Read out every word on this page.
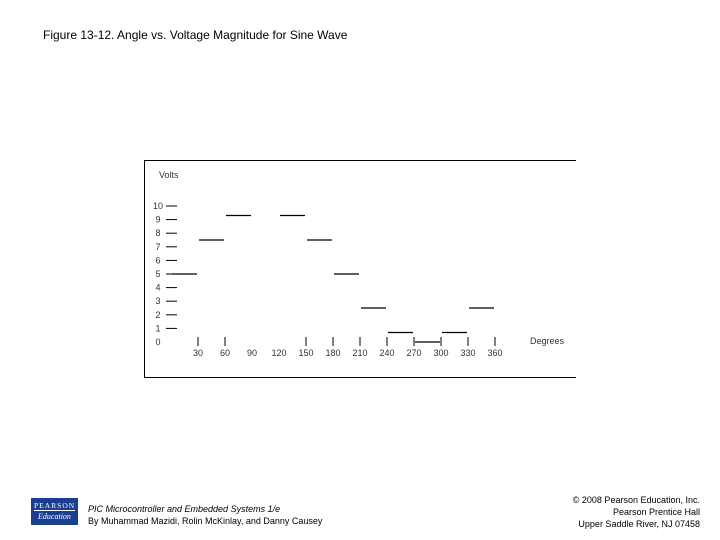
Figure 13-12. Angle vs. Voltage Magnitude for Sine Wave
Volts
Degrees
0
1
2
3
4
5
6
7
8
9
10
30 60 90 120 150 180 210 240 270 300 330 360
PEARSON
Education
PIC Microcontroller and Embedded Systems 1/e
By Muhammad Mazidi, Rolin McKinlay, and Danny Causey
© 2008 Pearson Education, Inc.
Pearson Prentice Hall
Upper Saddle River, NJ 07458
